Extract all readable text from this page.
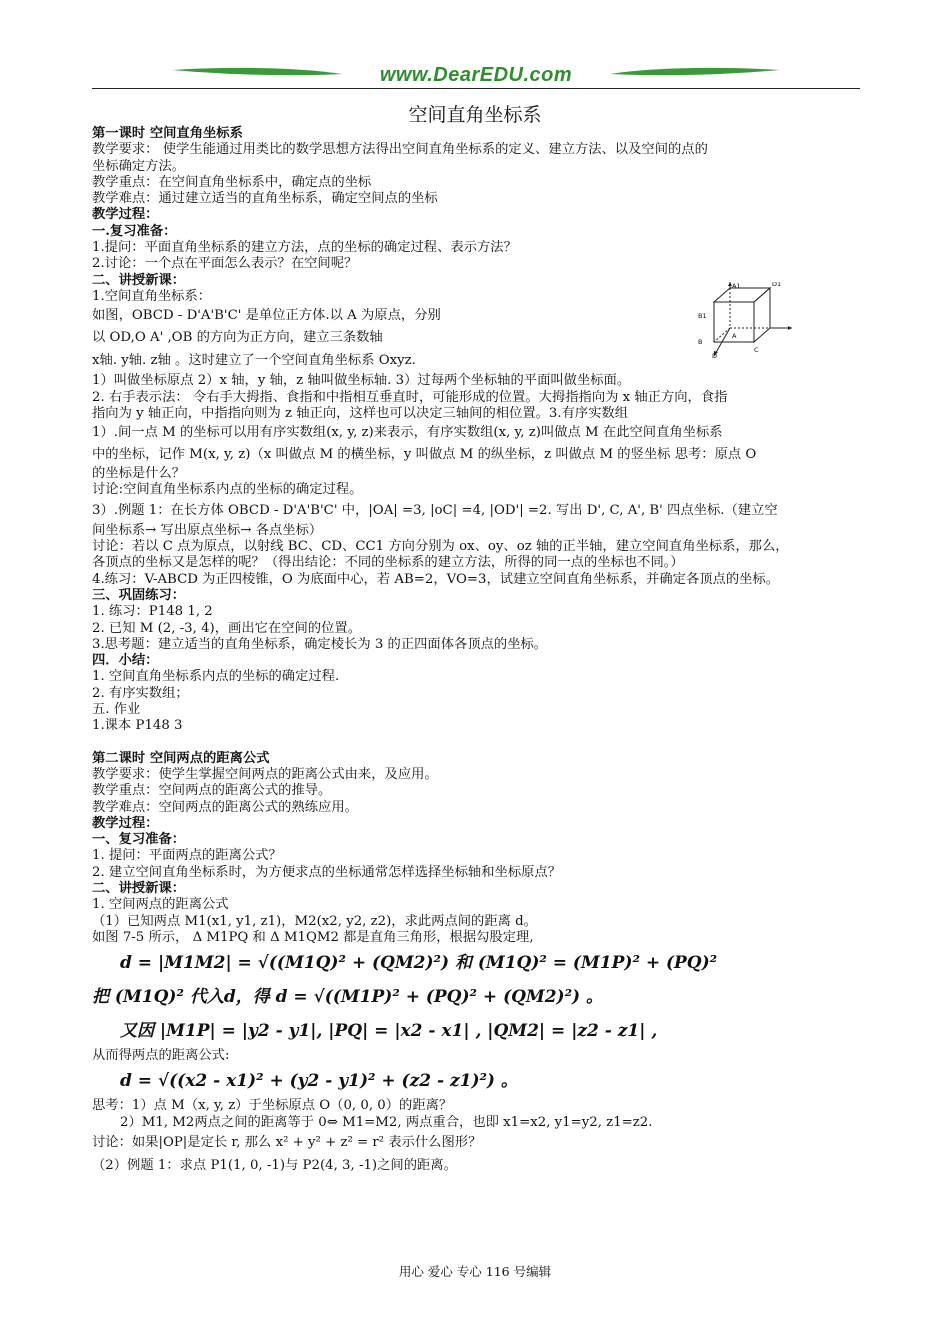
www.DearEDU.com
空间直角坐标系
A1	D1
B1
A
B
D
C

第一课时 空间直角坐标系

教学要求： 使学生能通过用类比的数学思想方法得出空间直角坐标系的定义、建立方法、以及空间的点的

坐标确定方法。

教学重点：在空间直角坐标系中，确定点的坐标

教学难点：通过建立适当的直角坐标系，确定空间点的坐标

教学过程：

一.复习准备：

1.提问：平面直角坐标系的建立方法，点的坐标的确定过程、表示方法？

2.讨论：一个点在平面怎么表示？在空间呢？

二、讲授新课：

1.空间直角坐标系：

如图，OBCD - D'A'B'C' 是单位正方体.以 A 为原点，分别

以 OD,O A' ,OB 的方向为正方向，建立三条数轴

x轴. y轴. z轴 。这时建立了一个空间直角坐标系 Oxyz.

1）叫做坐标原点 2）x 轴，y 轴，z 轴叫做坐标轴. 3）过每两个坐标轴的平面叫做坐标面。

2. 右手表示法： 令右手大拇指、食指和中指相互垂直时，可能形成的位置。大拇指指向为 x 轴正方向，食指

指向为 y 轴正向，中指指向则为 z 轴正向，这样也可以决定三轴间的相位置。3.有序实数组

1）.间一点 M 的坐标可以用有序实数组(x, y, z)来表示，有序实数组(x, y, z)叫做点 M 在此空间直角坐标系

中的坐标，记作 M(x, y, z)（x 叫做点 M 的横坐标，y 叫做点 M 的纵坐标，z 叫做点 M 的竖坐标 思考：原点 O

的坐标是什么？

讨论:空间直角坐标系内点的坐标的确定过程。

3）.例题 1：在长方体 OBCD - D'A'B'C' 中，|OA| =3, |oC| =4, |OD'| =2. 写出 D', C, A', B' 四点坐标.（建立空

间坐标系→ 写出原点坐标→ 各点坐标）

讨论：若以 C 点为原点，以射线 BC、CD、CC1 方向分别为 ox、oy、oz 轴的正半轴，建立空间直角坐标系，那么，

各顶点的坐标又是怎样的呢？（得出结论：不同的坐标系的建立方法，所得的同一点的坐标也不同。）

4.练习：V-ABCD 为正四棱锥，O 为底面中心，若 AB=2，VO=3，试建立空间直角坐标系，并确定各顶点的坐标。

三、巩固练习：

1. 练习：P148 1, 2

2. 已知 M (2, -3, 4)，画出它在空间的位置。

3.思考题：建立适当的直角坐标系，确定棱长为 3 的正四面体各顶点的坐标。

四．小结：

1. 空间直角坐标系内点的坐标的确定过程.

2. 有序实数组；

五. 作业

1.课本 P148 3

第二课时 空间两点的距离公式

教学要求：使学生掌握空间两点的距离公式由来，及应用。

教学重点：空间两点的距离公式的推导。

教学难点：空间两点的距离公式的熟练应用。

教学过程：

一、复习准备：

1. 提问：平面两点的距离公式？

2. 建立空间直角坐标系时，为方便求点的坐标通常怎样选择坐标轴和坐标原点？

二、讲授新课：

1. 空间两点的距离公式

（1）已知两点 M1(x1, y1, z1)，M2(x2, y2, z2)，求此两点间的距离 d。

如图 7-5 所示， Δ M1PQ 和 Δ M1QM2 都是直角三角形，根据勾股定理,

d = |M1M2| = √((M1Q)² + (QM2)²) 和 (M1Q)² = (M1P)² + (PQ)²
把 (M1Q)² 代入d，得 d = √((M1P)² + (PQ)² + (QM2)²) 。
又因 |M1P| = |y2 - y1|, |PQ| = |x2 - x1| , |QM2| = |z2 - z1| ,

从而得两点的距离公式:

d = √((x2 - x1)² + (y2 - y1)² + (z2 - z1)²) 。

思考：1）点 M（x, y, z）于坐标原点 O（0, 0, 0）的距离？

2）M1, M2两点之间的距离等于 0⇔ M1=M2, 两点重合，也即 x1=x2, y1=y2, z1=z2.

讨论：如果|OP|是定长 r, 那么 x² + y² + z² = r² 表示什么图形？

（2）例题 1：求点 P1(1, 0, -1)与 P2(4, 3, -1)之间的距离。

用心 爱心 专心 116 号编辑
